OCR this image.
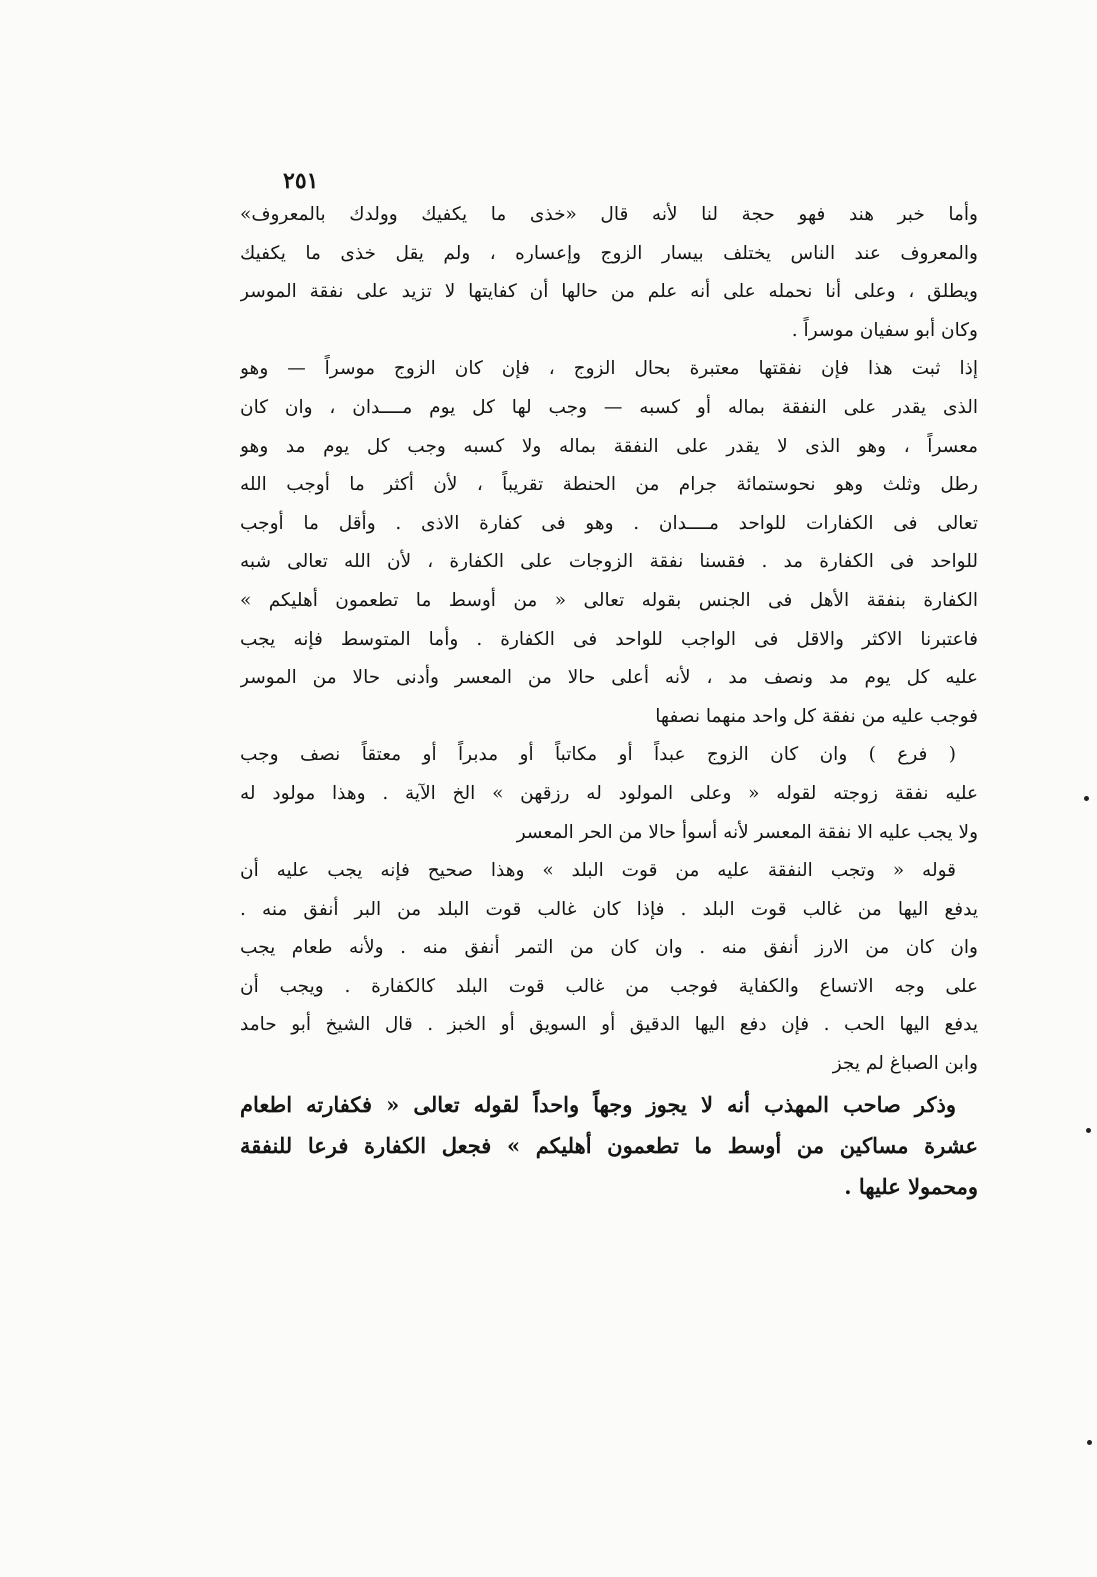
٢٥١
وأما خبر هند فهو حجة لنا لأنه قال «خذى ما يكفيك وولدك بالمعروف»
والمعروف عند الناس يختلف بيسار الزوج وإعساره ، ولم يقل خذى ما يكفيك
ويطلق ، وعلى أنا نحمله على أنه علم من حالها أن كفايتها لا تزيد على نفقة الموسر
وكان أبو سفيان موسراً .
إذا ثبت هذا فإن نفقتها معتبرة بحال الزوج ، فإن كان الزوج موسراً — وهو
الذى يقدر على النفقة بماله أو كسبه — وجب لها كل يوم مــــدان ، وان كان
معسراً ، وهو الذى لا يقدر على النفقة بماله ولا كسبه وجب كل يوم مد وهو
رطل وثلث وهو نحوستمائة جرام من الحنطة تقريباً ، لأن أكثر ما أوجب الله
تعالى فى الكفارات للواحد مــــدان . وهو فى كفارة الاذى . وأقل ما أوجب
للواحد فى الكفارة مد . فقسنا نفقة الزوجات على الكفارة ، لأن الله تعالى شبه
الكفارة بنفقة الأهل فى الجنس بقوله تعالى « من أوسط ما تطعمون أهليكم »
فاعتبرنا الاكثر والاقل فى الواجب للواحد فى الكفارة . وأما المتوسط فإنه يجب
عليه كل يوم مد ونصف مد ، لأنه أعلى حالا من المعسر وأدنى حالا من الموسر
فوجب عليه من نفقة كل واحد منهما نصفها
( فرع ) وان كان الزوج عبداً أو مكاتباً أو مدبراً أو معتقاً نصف وجب
عليه نفقة زوجته لقوله « وعلى المولود له رزقهن » الخ الآية . وهذا مولود له
ولا يجب عليه الا نفقة المعسر لأنه أسوأ حالا من الحر المعسر
قوله « وتجب النفقة عليه من قوت البلد » وهذا صحيح فإنه يجب عليه أن
يدفع اليها من غالب قوت البلد . فإذا كان غالب قوت البلد من البر أنفق منه .
وان كان من الارز أنفق منه . وان كان من التمر أنفق منه . ولأنه طعام يجب
على وجه الاتساع والكفاية فوجب من غالب قوت البلد كالكفارة . ويجب أن
يدفع اليها الحب . فإن دفع اليها الدقيق أو السويق أو الخبز . قال الشيخ أبو حامد
وابن الصباغ لم يجز
وذكر صاحب المهذب أنه لا يجوز وجهاً واحداً لقوله تعالى « فكفارته اطعام
عشرة مساكين من أوسط ما تطعمون أهليكم » فجعل الكفارة فرعا للنفقة
ومحمولا عليها .
